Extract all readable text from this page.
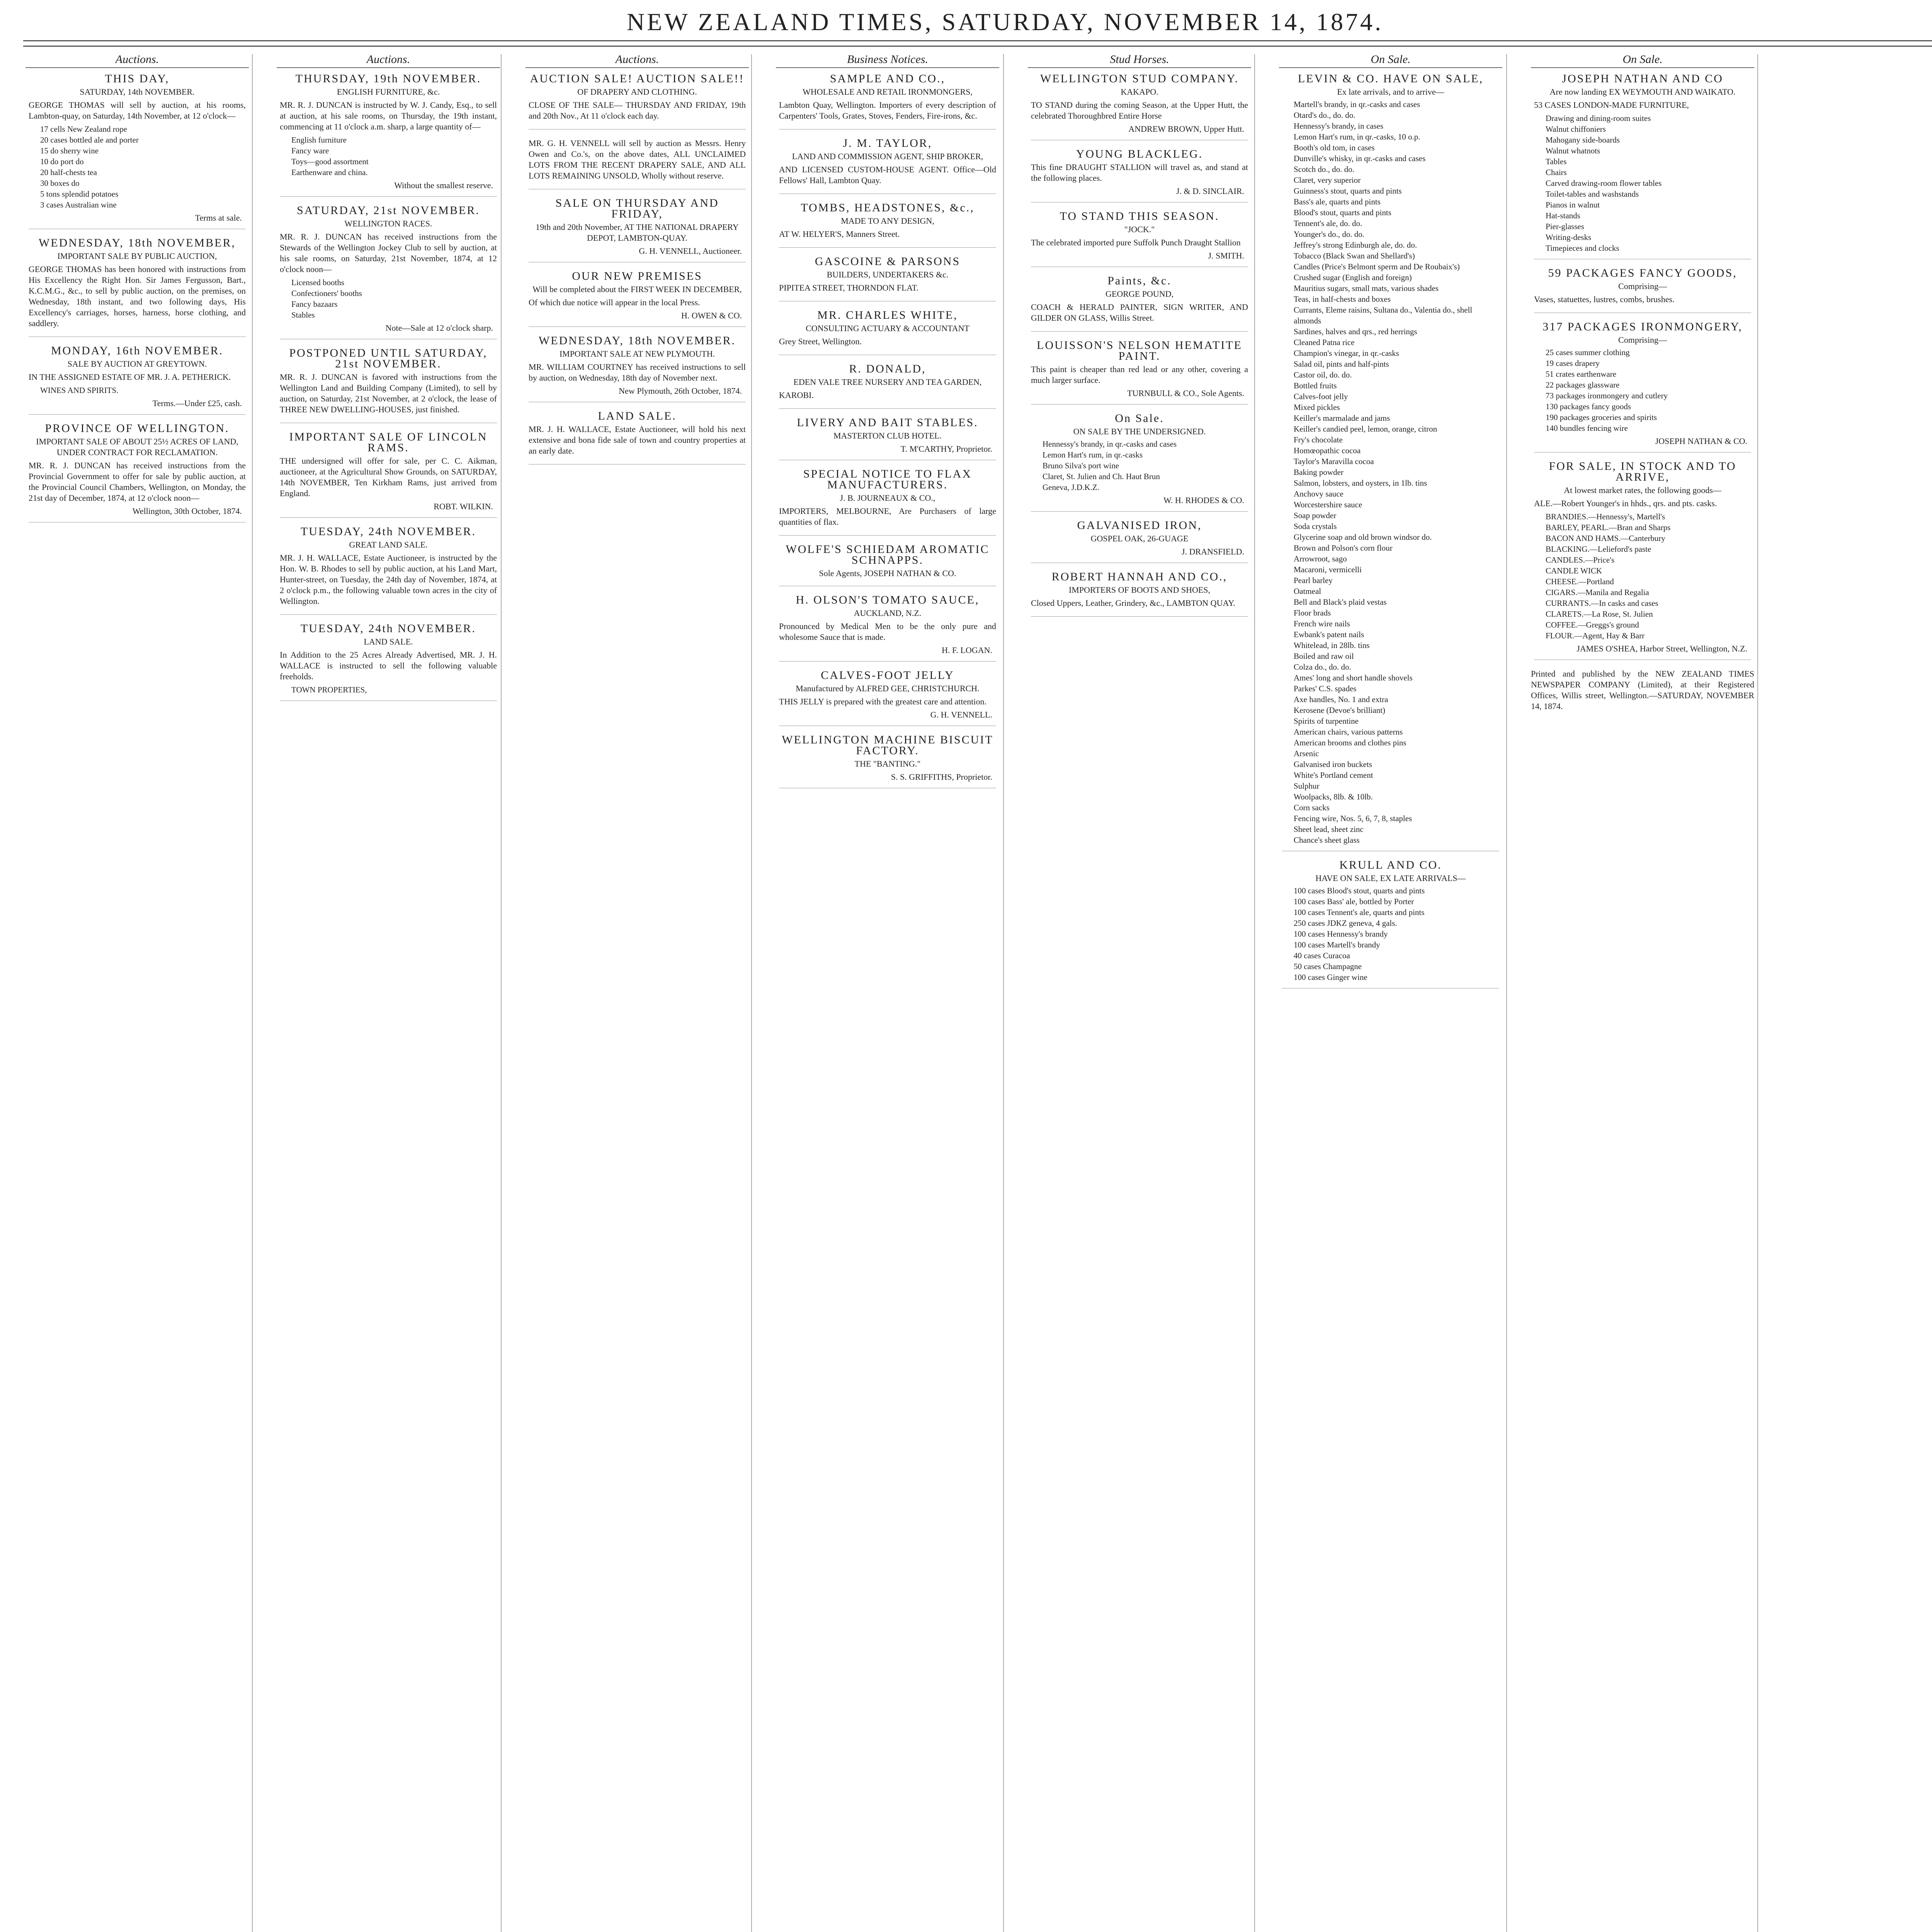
NEW ZEALAND TIMES, SATURDAY, NOVEMBER 14, 1874.
Auctions.
THIS DAY,
SATURDAY, 14th NOVEMBER.
GEORGE THOMAS will sell by auction, at his rooms, Lambton-quay, on Saturday, 14th November, at 12 o'clock—
17 cells New Zealand rope
20 cases bottled ale and porter
15 do sherry wine
10 do port do
20 half-chests tea
30 boxes do
5 tons splendid potatoes
3 cases Australian wine
Terms at sale.
WEDNESDAY, 18th NOVEMBER,
IMPORTANT SALE BY PUBLIC AUCTION,
GEORGE THOMAS has been honored with instructions from His Excellency the Right Hon. Sir James Fergusson, Bart., K.C.M.G., &c., to sell by public auction, on the premises, on Wednesday, 18th instant, and two following days, His Excellency's carriages, horses, harness, horse clothing, and saddlery.
MONDAY, 16th NOVEMBER.
SALE BY AUCTION AT GREYTOWN.
IN THE ASSIGNED ESTATE OF MR. J. A. PETHERICK.
WINES AND SPIRITS.
Terms.—Under £25, cash.
PROVINCE OF WELLINGTON.
IMPORTANT SALE OF ABOUT 25½ ACRES OF LAND, UNDER CONTRACT FOR RECLAMATION.
MR. R. J. DUNCAN has received instructions from the Provincial Government to offer for sale by public auction, at the Provincial Council Chambers, Wellington, on Monday, the 21st day of December, 1874, at 12 o'clock noon—
Wellington, 30th October, 1874.
Auctions.
THURSDAY, 19th NOVEMBER.
ENGLISH FURNITURE, &c.
MR. R. J. DUNCAN is instructed by W. J. Candy, Esq., to sell at auction, at his sale rooms, on Thursday, the 19th instant, commencing at 11 o'clock a.m. sharp, a large quantity of—
English furniture
Fancy ware
Toys—good assortment
Earthenware and china.
Without the smallest reserve.
SATURDAY, 21st NOVEMBER.
WELLINGTON RACES.
MR. R. J. DUNCAN has received instructions from the Stewards of the Wellington Jockey Club to sell by auction, at his sale rooms, on Saturday, 21st November, 1874, at 12 o'clock noon—
Licensed booths
Confectioners' booths
Fancy bazaars
Stables
Note—Sale at 12 o'clock sharp.
POSTPONED UNTIL SATURDAY, 21st NOVEMBER.
MR. R. J. DUNCAN is favored with instructions from the Wellington Land and Building Company (Limited), to sell by auction, on Saturday, 21st November, at 2 o'clock, the lease of THREE NEW DWELLING-HOUSES, just finished.
IMPORTANT SALE OF LINCOLN RAMS.
THE undersigned will offer for sale, per C. C. Aikman, auctioneer, at the Agricultural Show Grounds, on SATURDAY, 14th NOVEMBER, Ten Kirkham Rams, just arrived from England.
ROBT. WILKIN.
TUESDAY, 24th NOVEMBER.
GREAT LAND SALE.
MR. J. H. WALLACE, Estate Auctioneer, is instructed by the Hon. W. B. Rhodes to sell by public auction, at his Land Mart, Hunter-street, on Tuesday, the 24th day of November, 1874, at 2 o'clock p.m., the following valuable town acres in the city of Wellington.
TUESDAY, 24th NOVEMBER.
LAND SALE.
In Addition to the 25 Acres Already Advertised, MR. J. H. WALLACE is instructed to sell the following valuable freeholds.
TOWN PROPERTIES,
Auctions.
AUCTION SALE! AUCTION SALE!!
OF DRAPERY AND CLOTHING.
CLOSE OF THE SALE— THURSDAY AND FRIDAY, 19th and 20th Nov., At 11 o'clock each day.
MR. G. H. VENNELL will sell by auction as Messrs. Henry Owen and Co.'s, on the above dates, ALL UNCLAIMED LOTS FROM THE RECENT DRAPERY SALE, AND ALL LOTS REMAINING UNSOLD, Wholly without reserve.
SALE ON THURSDAY AND FRIDAY,
19th and 20th November, AT THE NATIONAL DRAPERY DEPOT, LAMBTON-QUAY.
G. H. VENNELL, Auctioneer.
OUR NEW PREMISES
Will be completed about the FIRST WEEK IN DECEMBER,
Of which due notice will appear in the local Press.
H. OWEN & CO.
WEDNESDAY, 18th NOVEMBER.
IMPORTANT SALE AT NEW PLYMOUTH.
MR. WILLIAM COURTNEY has received instructions to sell by auction, on Wednesday, 18th day of November next.
New Plymouth, 26th October, 1874.
LAND SALE.
MR. J. H. WALLACE, Estate Auctioneer, will hold his next extensive and bona fide sale of town and country properties at an early date.
Business Notices.
SAMPLE AND CO.,
WHOLESALE AND RETAIL IRONMONGERS,
Lambton Quay, Wellington. Importers of every description of Carpenters' Tools, Grates, Stoves, Fenders, Fire-irons, &c.
J. M. TAYLOR,
LAND AND COMMISSION AGENT, SHIP BROKER,
AND LICENSED CUSTOM-HOUSE AGENT. Office—Old Fellows' Hall, Lambton Quay.
TOMBS, HEADSTONES, &c.,
MADE TO ANY DESIGN,
AT W. HELYER'S, Manners Street.
GASCOINE & PARSONS
BUILDERS, UNDERTAKERS &c.
PIPITEA STREET, THORNDON FLAT.
MR. CHARLES WHITE,
CONSULTING ACTUARY & ACCOUNTANT
Grey Street, Wellington.
R. DONALD,
EDEN VALE TREE NURSERY AND TEA GARDEN,
KAROBI.
LIVERY AND BAIT STABLES.
MASTERTON CLUB HOTEL.
T. M'CARTHY, Proprietor.
SPECIAL NOTICE TO FLAX MANUFACTURERS.
J. B. JOURNEAUX & CO.,
IMPORTERS, MELBOURNE, Are Purchasers of large quantities of flax.
WOLFE'S SCHIEDAM AROMATIC SCHNAPPS.
Sole Agents, JOSEPH NATHAN & CO.
H. OLSON'S TOMATO SAUCE,
AUCKLAND, N.Z.
Pronounced by Medical Men to be the only pure and wholesome Sauce that is made.
H. F. LOGAN.
CALVES-FOOT JELLY
Manufactured by ALFRED GEE, CHRISTCHURCH.
THIS JELLY is prepared with the greatest care and attention.
G. H. VENNELL.
WELLINGTON MACHINE BISCUIT FACTORY.
THE "BANTING."
S. S. GRIFFITHS, Proprietor.
Stud Horses.
WELLINGTON STUD COMPANY.
KAKAPO.
TO STAND during the coming Season, at the Upper Hutt, the celebrated Thoroughbred Entire Horse
ANDREW BROWN, Upper Hutt.
YOUNG BLACKLEG.
This fine DRAUGHT STALLION will travel as, and stand at the following places.
J. & D. SINCLAIR.
TO STAND THIS SEASON.
"JOCK."
The celebrated imported pure Suffolk Punch Draught Stallion
J. SMITH.
Paints, &c.
GEORGE POUND,
COACH & HERALD PAINTER, SIGN WRITER, AND GILDER ON GLASS, Willis Street.
LOUISSON'S NELSON HEMATITE PAINT.
This paint is cheaper than red lead or any other, covering a much larger surface.
TURNBULL & CO., Sole Agents.
On Sale.
ON SALE BY THE UNDERSIGNED.
Hennessy's brandy, in qr.-casks and cases
Lemon Hart's rum, in qr.-casks
Bruno Silva's port wine
Claret, St. Julien and Ch. Haut Brun
Geneva, J.D.K.Z.
W. H. RHODES & CO.
GALVANISED IRON,
GOSPEL OAK, 26-GUAGE
J. DRANSFIELD.
ROBERT HANNAH AND CO.,
IMPORTERS OF BOOTS AND SHOES,
Closed Uppers, Leather, Grindery, &c., LAMBTON QUAY.
On Sale.
LEVIN & CO. HAVE ON SALE,
Ex late arrivals, and to arrive—
Martell's brandy, in qr.-casks and cases
Otard's do., do. do.
Hennessy's brandy, in cases
Lemon Hart's rum, in qr.-casks, 10 o.p.
Booth's old tom, in cases
Dunville's whisky, in qr.-casks and cases
Scotch do., do. do.
Claret, very superior
Guinness's stout, quarts and pints
Bass's ale, quarts and pints
Blood's stout, quarts and pints
Tennent's ale, do. do.
Younger's do., do. do.
Jeffrey's strong Edinburgh ale, do. do.
Tobacco (Black Swan and Shellard's)
Candles (Price's Belmont sperm and De Roubaix's)
Crushed sugar (English and foreign)
Mauritius sugars, small mats, various shades
Teas, in half-chests and boxes
Currants, Eleme raisins, Sultana do., Valentia do., shell almonds
Sardines, halves and qrs., red herrings
Cleaned Patna rice
Champion's vinegar, in qr.-casks
Salad oil, pints and half-pints
Castor oil, do. do.
Bottled fruits
Calves-foot jelly
Mixed pickles
Keiller's marmalade and jams
Keiller's candied peel, lemon, orange, citron
Fry's chocolate
Homœopathic cocoa
Taylor's Maravilla cocoa
Baking powder
Salmon, lobsters, and oysters, in 1lb. tins
Anchovy sauce
Worcestershire sauce
Soap powder
Soda crystals
Glycerine soap and old brown windsor do.
Brown and Polson's corn flour
Arrowroot, sago
Macaroni, vermicelli
Pearl barley
Oatmeal
Bell and Black's plaid vestas
Floor brads
French wire nails
Ewbank's patent nails
Whitelead, in 28lb. tins
Boiled and raw oil
Colza do., do. do.
Ames' long and short handle shovels
Parkes' C.S. spades
Axe handles, No. 1 and extra
Kerosene (Devoe's brilliant)
Spirits of turpentine
American chairs, various patterns
American brooms and clothes pins
Arsenic
Galvanised iron buckets
White's Portland cement
Sulphur
Woolpacks, 8lb. & 10lb.
Corn sacks
Fencing wire, Nos. 5, 6, 7, 8, staples
Sheet lead, sheet zinc
Chance's sheet glass
KRULL AND CO.
HAVE ON SALE, EX LATE ARRIVALS—
100 cases Blood's stout, quarts and pints
100 cases Bass' ale, bottled by Porter
100 cases Tennent's ale, quarts and pints
250 cases JDKZ geneva, 4 gals.
100 cases Hennessy's brandy
100 cases Martell's brandy
40 cases Curacoa
50 cases Champagne
100 cases Ginger wine
On Sale.
JOSEPH NATHAN AND CO
Are now landing EX WEYMOUTH AND WAIKATO.
53 CASES LONDON-MADE FURNITURE,
Drawing and dining-room suites
Walnut chiffoniers
Mahogany side-boards
Walnut whatnots
Tables
Chairs
Carved drawing-room flower tables
Toilet-tables and washstands
Pianos in walnut
Hat-stands
Pier-glasses
Writing-desks
Timepieces and clocks
59 PACKAGES FANCY GOODS,
Comprising—
Vases, statuettes, lustres, combs, brushes.
317 PACKAGES IRONMONGERY,
Comprising—
25 cases summer clothing
19 cases drapery
51 crates earthenware
22 packages glassware
73 packages ironmongery and cutlery
130 packages fancy goods
190 packages groceries and spirits
140 bundles fencing wire
JOSEPH NATHAN & CO.
FOR SALE, IN STOCK AND TO ARRIVE,
At lowest market rates, the following goods—
ALE.—Robert Younger's in hhds., qrs. and pts. casks.
BRANDIES.—Hennessy's, Martell's
BARLEY, PEARL.—Bran and Sharps
BACON AND HAMS.—Canterbury
BLACKING.—Lelieford's paste
CANDLES.—Price's
CANDLE WICK
CHEESE.—Portland
CIGARS.—Manila and Regalia
CURRANTS.—In casks and cases
CLARETS.—La Rose, St. Julien
COFFEE.—Greggs's ground
FLOUR.—Agent, Hay & Barr
JAMES O'SHEA, Harbor Street, Wellington, N.Z.
Printed and published by the NEW ZEALAND TIMES NEWSPAPER COMPANY (Limited), at their Registered Offices, Willis street, Wellington.—SATURDAY, NOVEMBER 14, 1874.
